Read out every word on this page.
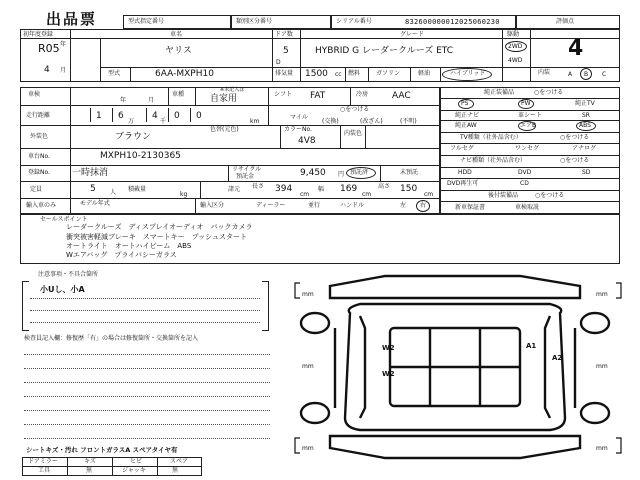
出品票	型式指定番号	類別区分番号	シリアル番号	832600000012025060230	評価点
初年度登録
R05 年
4 月
車名
ヤリス
ドア数
5
D
グレード
HYBRID G レーダークルーズ ETC
駆動
2WD
4WD 4
型式	6AA-MXPH10	排気量 1500 cc 燃料	ガソリン	軽油	ハイブリッド	内装	A B C
車検
年	月
車種
※未記入は
自家用	シフト FAT	冷房	AAC
走行距離	1 6	4 0 0
万	千	km
マイル
○をつける
(交換)	(改ざん)	(不明)
外装色	ブラウン
色替(元色)	カラーNo.
4V8
内装色
車台No.	MXPH10-2130365
登録No. 一時抹消	リサイクル
預託金	9,450 円 預託済	未預託
定員	5 人 積載量
kg
諸元 長さ 394
cm
幅 169
cm
高さ 150
cm
輸入車のみ	モデル年式	輸入区分	ディーラー	並行	ハンドル	左 右
純正装備品	○をつける
PS	PW	純正TV
純正ナビ	革シート	SR
純正AW	エアB	ABS
TV種類（社外品含む）	○をつける
フルセグ	ワンセグ	アナログ
ナビ種類（社外品含む）	○をつける
HDD	DVD	SD
DVD再生可	CD
後付装備品	○をつける
新車保証書	車検取説
セールスポイント
レーダークルーズ　ディスプレイオーディオ　バックカメラ
衝突被害軽減ブレーキ　スマートキー　プッシュスタート
オートライト　オートハイビーム　ABS
Wエアバッグ　プライバシーガラス
注意事項・不具合箇所
小Uし、小A
検査員記入欄：修復歴「有」の場合は修復箇所・交換箇所を記入
シートキズ・汚れ フロントガラスA スペアタイヤ有
ドアミラー	キズ	ヒビ	スペア
工具	無	ジャッキ	無
mm	mm
mm	mm
mm	mm
W2
W2
A1
A2
